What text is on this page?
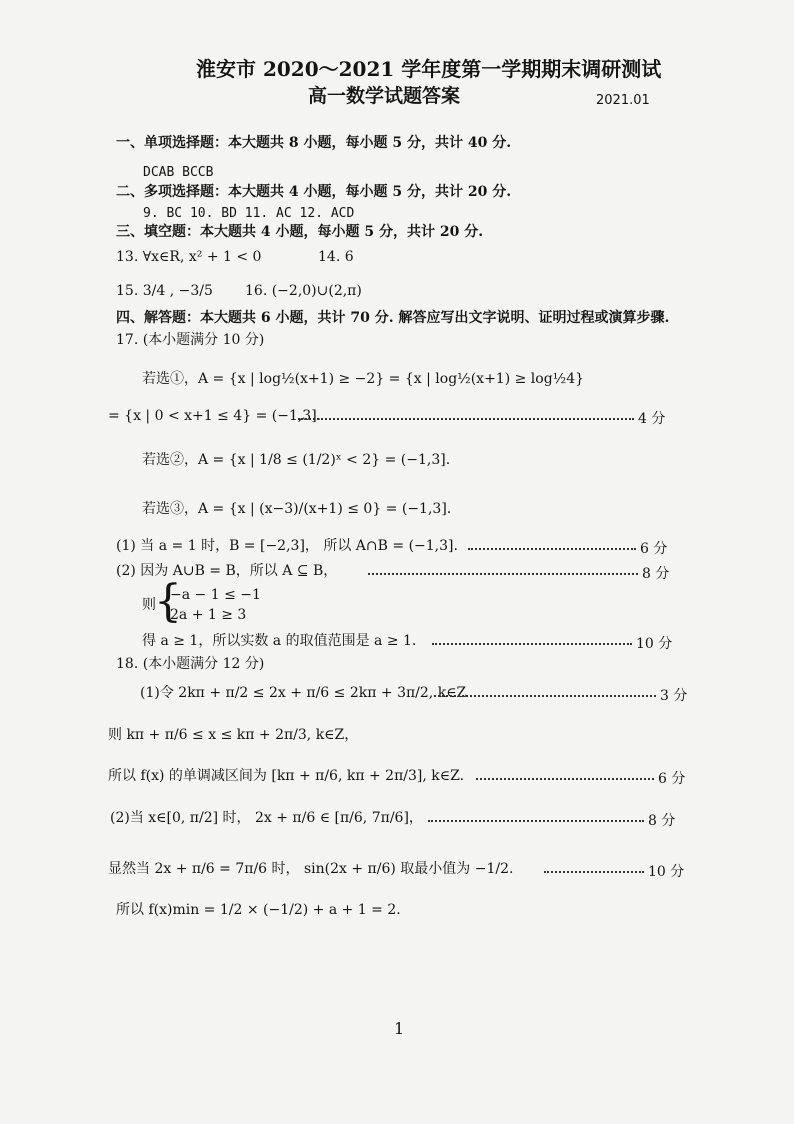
淮安市 2020～2021 学年度第一学期期末调研测试
高一数学试题答案	2021.01
一、单项选择题：本大题共 8 小题，每小题 5 分，共计 40 分.
DCAB BCCB
二、多项选择题：本大题共 4 小题，每小题 5 分，共计 20 分.
9. BC 10. BD 11. AC 12. ACD
三、填空题：本大题共 4 小题，每小题 5 分，共计 20 分.
13. ∀x∈R, x² + 1 < 0	14. 6
15. 3/4 , −3/5 16. (−2,0)∪(2,π)
四、解答题：本大题共 6 小题，共计 70 分. 解答应写出文字说明、证明过程或演算步骤.
17. (本小题满分 10 分)
若选①，A = {x | log½(x+1) ≥ −2} = {x | log½(x+1) ≥ log½4}
= {x | 0 < x+1 ≤ 4} = (−1,3].	4 分
若选②，A = {x | 1/8 ≤ (1/2)ˣ < 2} = (−1,3].
若选③，A = {x | (x−3)/(x+1) ≤ 0} = (−1,3].
(1) 当 a = 1 时，B = [−2,3]， 所以 A∩B = (−1,3].	6 分
(2) 因为 A∪B = B，所以 A ⊆ B，	8 分
则
{
−a − 1 ≤ −1
2a + 1 ≥ 3
得 a ≥ 1，所以实数 a 的取值范围是 a ≥ 1.	10 分
18. (本小题满分 12 分)
(1)令 2kπ + π/2 ≤ 2x + π/6 ≤ 2kπ + 3π/2, k∈Z	3 分
则 kπ + π/6 ≤ x ≤ kπ + 2π/3, k∈Z，
所以 f(x) 的单调减区间为 [kπ + π/6, kπ + 2π/3], k∈Z.	6 分
(2)当 x∈[0, π/2] 时， 2x + π/6 ∈ [π/6, 7π/6]，	8 分
显然当 2x + π/6 = 7π/6 时， sin(2x + π/6) 取最小值为 −1/2.	10 分
所以 f(x)min = 1/2 × (−1/2) + a + 1 = 2.
1
